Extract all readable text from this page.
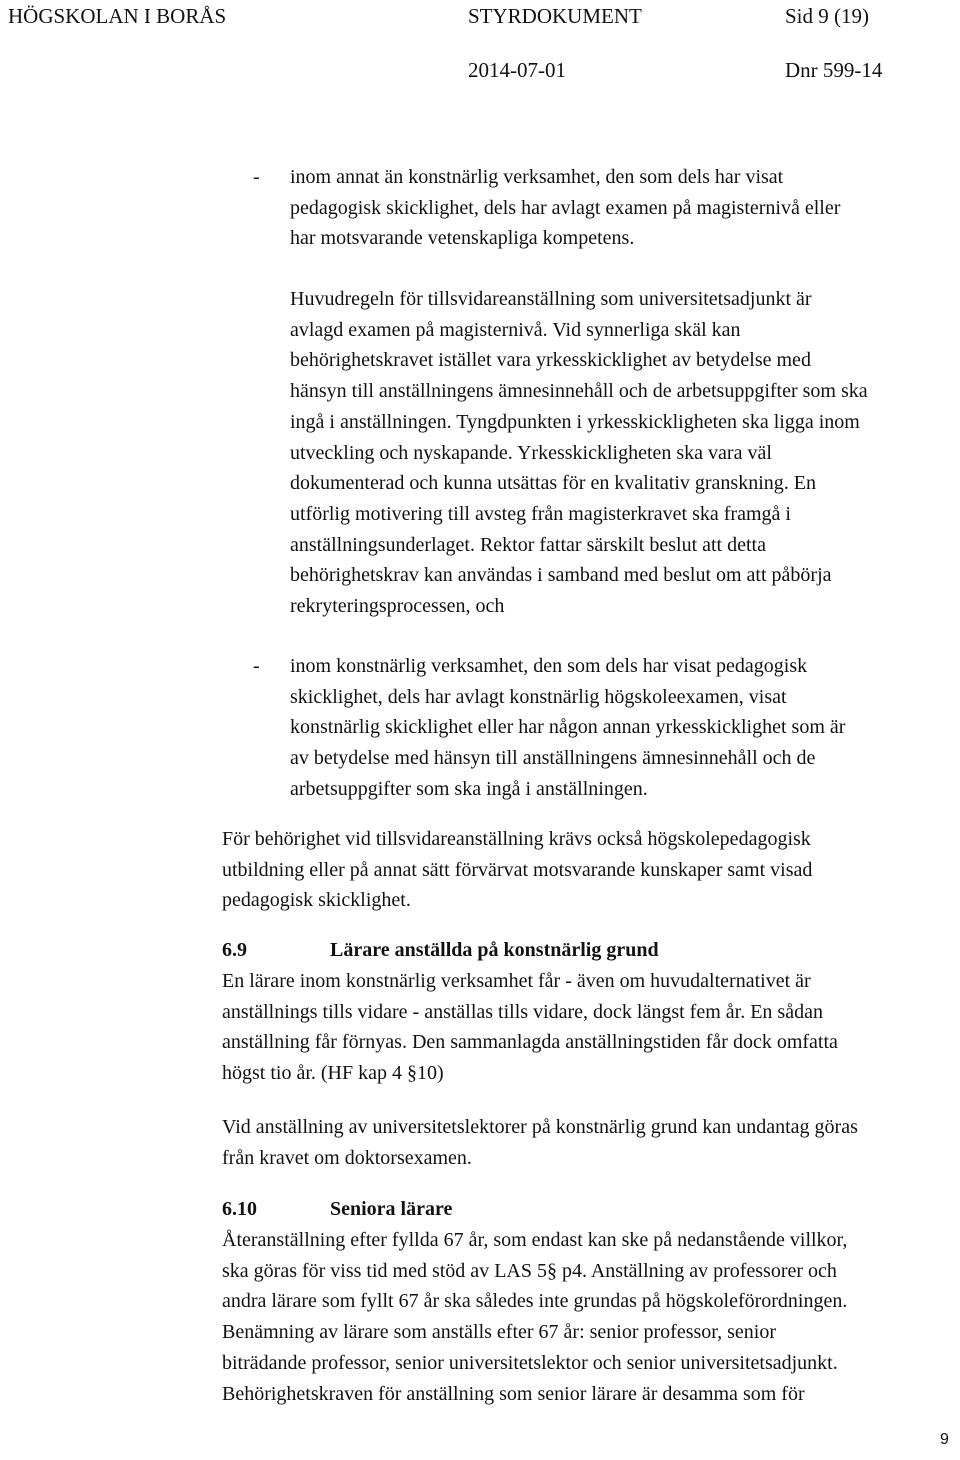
HÖGSKOLAN I BORÅS	STYRDOKUMENT	Sid 9 (19)
2014-07-01	Dnr 599-14
- inom annat än konstnärlig verksamhet, den som dels har visat
pedagogisk skicklighet, dels har avlagt examen på magisternivå eller
har motsvarande vetenskapliga kompetens.
Huvudregeln för tillsvidareanställning som universitetsadjunkt är
avlagd examen på magisternivå. Vid synnerliga skäl kan
behörighetskravet istället vara yrkesskicklighet av betydelse med
hänsyn till anställningens ämnesinnehåll och de arbetsuppgifter som ska
ingå i anställningen. Tyngdpunkten i yrkesskickligheten ska ligga inom
utveckling och nyskapande. Yrkesskickligheten ska vara väl
dokumenterad och kunna utsättas för en kvalitativ granskning. En
utförlig motivering till avsteg från magisterkravet ska framgå i
anställningsunderlaget. Rektor fattar särskilt beslut att detta
behörighetskrav kan användas i samband med beslut om att påbörja
rekryteringsprocessen, och
- inom konstnärlig verksamhet, den som dels har visat pedagogisk
skicklighet, dels har avlagt konstnärlig högskoleexamen, visat
konstnärlig skicklighet eller har någon annan yrkesskicklighet som är
av betydelse med hänsyn till anställningens ämnesinnehåll och de
arbetsuppgifter som ska ingå i anställningen.
För behörighet vid tillsvidareanställning krävs också högskolepedagogisk
utbildning eller på annat sätt förvärvat motsvarande kunskaper samt visad
pedagogisk skicklighet.
6.9	Lärare anställda på konstnärlig grund
En lärare inom konstnärlig verksamhet får - även om huvudalternativet är
anställnings tills vidare - anställas tills vidare, dock längst fem år. En sådan
anställning får förnyas. Den sammanlagda anställningstiden får dock omfatta
högst tio år. (HF kap 4 §10)
Vid anställning av universitetslektorer på konstnärlig grund kan undantag göras
från kravet om doktorsexamen.
6.10	Seniora lärare
Återanställning efter fyllda 67 år, som endast kan ske på nedanstående villkor,
ska göras för viss tid med stöd av LAS 5§ p4. Anställning av professorer och
andra lärare som fyllt 67 år ska således inte grundas på högskoleförordningen.
Benämning av lärare som anställs efter 67 år: senior professor, senior
biträdande professor, senior universitetslektor och senior universitetsadjunkt.
Behörighetskraven för anställning som senior lärare är desamma som för
9
